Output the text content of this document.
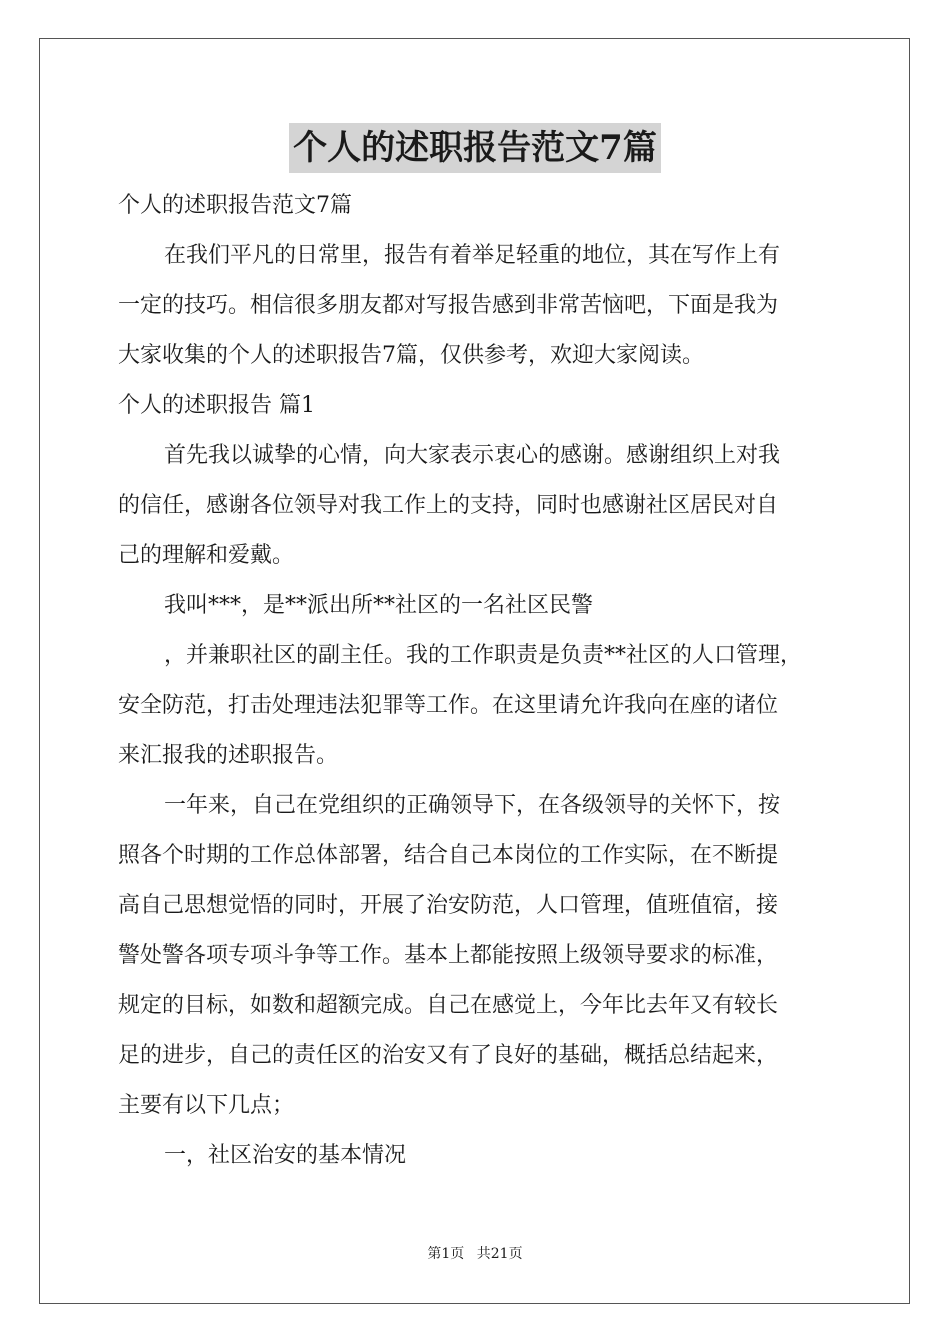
个人的述职报告范文7篇
个人的述职报告范文7篇
在我们平凡的日常里，报告有着举足轻重的地位，其在写作上有
一定的技巧。相信很多朋友都对写报告感到非常苦恼吧，下面是我为
大家收集的个人的述职报告7篇，仅供参考，欢迎大家阅读。
个人的述职报告 篇1
首先我以诚挚的心情，向大家表示衷心的感谢。感谢组织上对我
的信任，感谢各位领导对我工作上的支持，同时也感谢社区居民对自
己的理解和爱戴。
我叫***，是**派出所**社区的一名社区民警
，并兼职社区的副主任。我的工作职责是负责**社区的人口管理，
安全防范，打击处理违法犯罪等工作。在这里请允许我向在座的诸位
来汇报我的述职报告。
一年来，自己在党组织的正确领导下，在各级领导的关怀下，按
照各个时期的工作总体部署，结合自己本岗位的工作实际，在不断提
高自己思想觉悟的同时，开展了治安防范，人口管理，值班值宿，接
警处警各项专项斗争等工作。基本上都能按照上级领导要求的标准，
规定的目标，如数和超额完成。自己在感觉上，今年比去年又有较长
足的进步，自己的责任区的治安又有了良好的基础，概括总结起来，
主要有以下几点；
一，社区治安的基本情况
第1页 共21页
